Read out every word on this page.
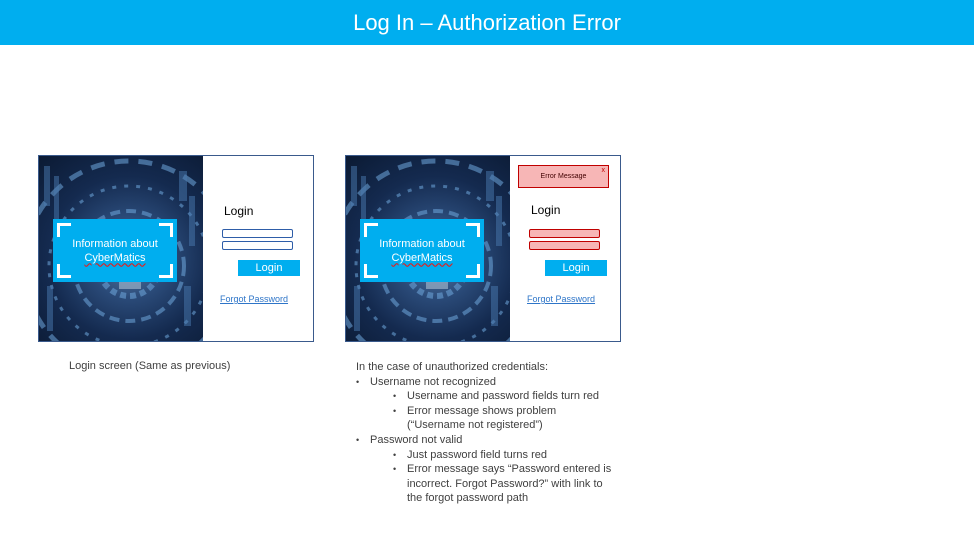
Log In – Authorization Error
Information about
CyberMatics
Login
Login
Forgot Password
Information about
CyberMatics
Error Message
x
Login
Login
Forgot Password
Login screen (Same as previous)	In the case of unauthorized credentials:
• Username not recognized
• Username and password fields turn red
• Error message shows problem
(“Username not registered”)
• Password not valid
• Just password field turns red
• Error message says “Password entered is
incorrect. Forgot Password?” with link to
the forgot password path
